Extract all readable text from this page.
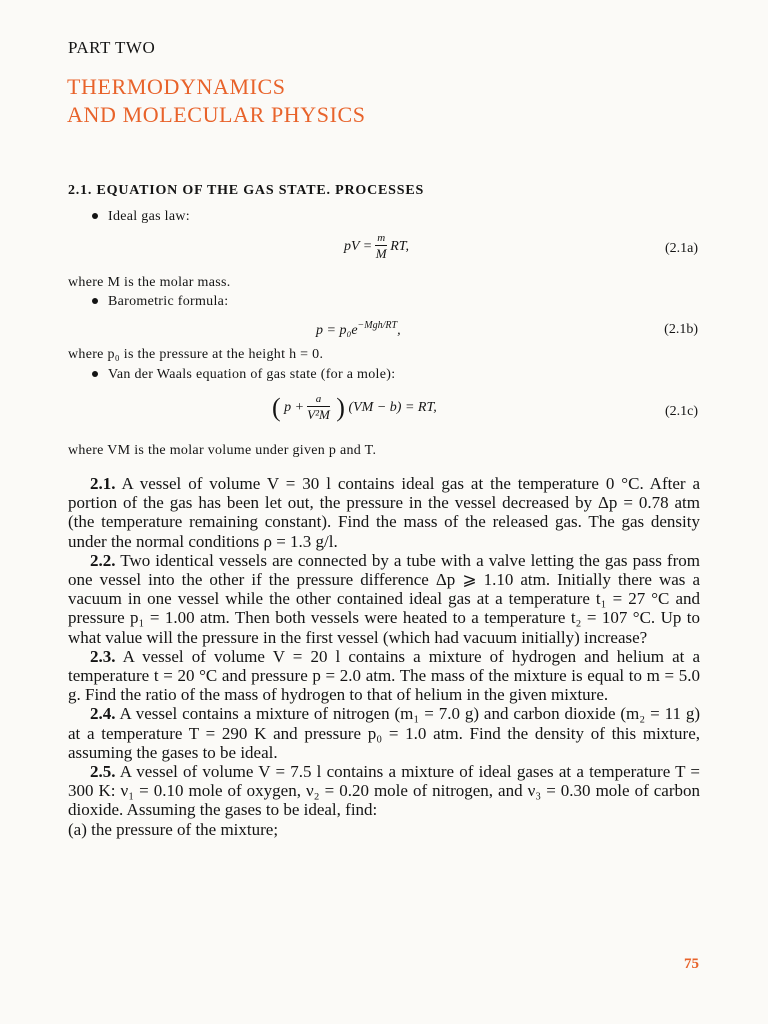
PART TWO
THERMODYNAMICS
AND MOLECULAR PHYSICS
2.1. EQUATION OF THE GAS STATE. PROCESSES
Ideal gas law:
pV = $\frac{m}{M}$ RT,	(2.1a)
where M is the molar mass.
Barometric formula:
$p = p_0e^{-Mgh/RT}$,	(2.1b)
where p₀ is the pressure at the height h = 0.
Van der Waals equation of gas state (for a mole):
( $p + \frac{a}{\text{V²M}}$ ) (VM − b) = RT,	(2.1c)
where VM is the molar volume under given p and T.

2.1. A vessel of volume V = 30 l contains ideal gas at the temperature 0 °C. After a portion of the gas has been let out, the pressure in the vessel decreased by Δp = 0.78 atm (the temperature remaining constant). Find the mass of the released gas. The gas density under the normal conditions ρ = 1.3 g/l.

2.2. Two identical vessels are connected by a tube with a valve letting the gas pass from one vessel into the other if the pressure difference Δp ⩾ 1.10 atm. Initially there was a vacuum in one vessel while the other contained ideal gas at a temperature t₁ = 27 °C and pressure p₁ = 1.00 atm. Then both vessels were heated to a temperature t₂ = 107 °C. Up to what value will the pressure in the first vessel (which had vacuum initially) increase?

2.3. A vessel of volume V = 20 l contains a mixture of hydrogen and helium at a temperature t = 20 °C and pressure p = 2.0 atm. The mass of the mixture is equal to m = 5.0 g. Find the ratio of the mass of hydrogen to that of helium in the given mixture.

2.4. A vessel contains a mixture of nitrogen (m₁ = 7.0 g) and carbon dioxide (m₂ = 11 g) at a temperature T = 290 K and pressure p₀ = 1.0 atm. Find the density of this mixture, assuming the gases to be ideal.

2.5. A vessel of volume V = 7.5 l contains a mixture of ideal gases at a temperature T = 300 K: ν₁ = 0.10 mole of oxygen, ν₂ = 0.20 mole of nitrogen, and ν₃ = 0.30 mole of carbon dioxide. Assuming the gases to be ideal, find:

(a) the pressure of the mixture;

75
